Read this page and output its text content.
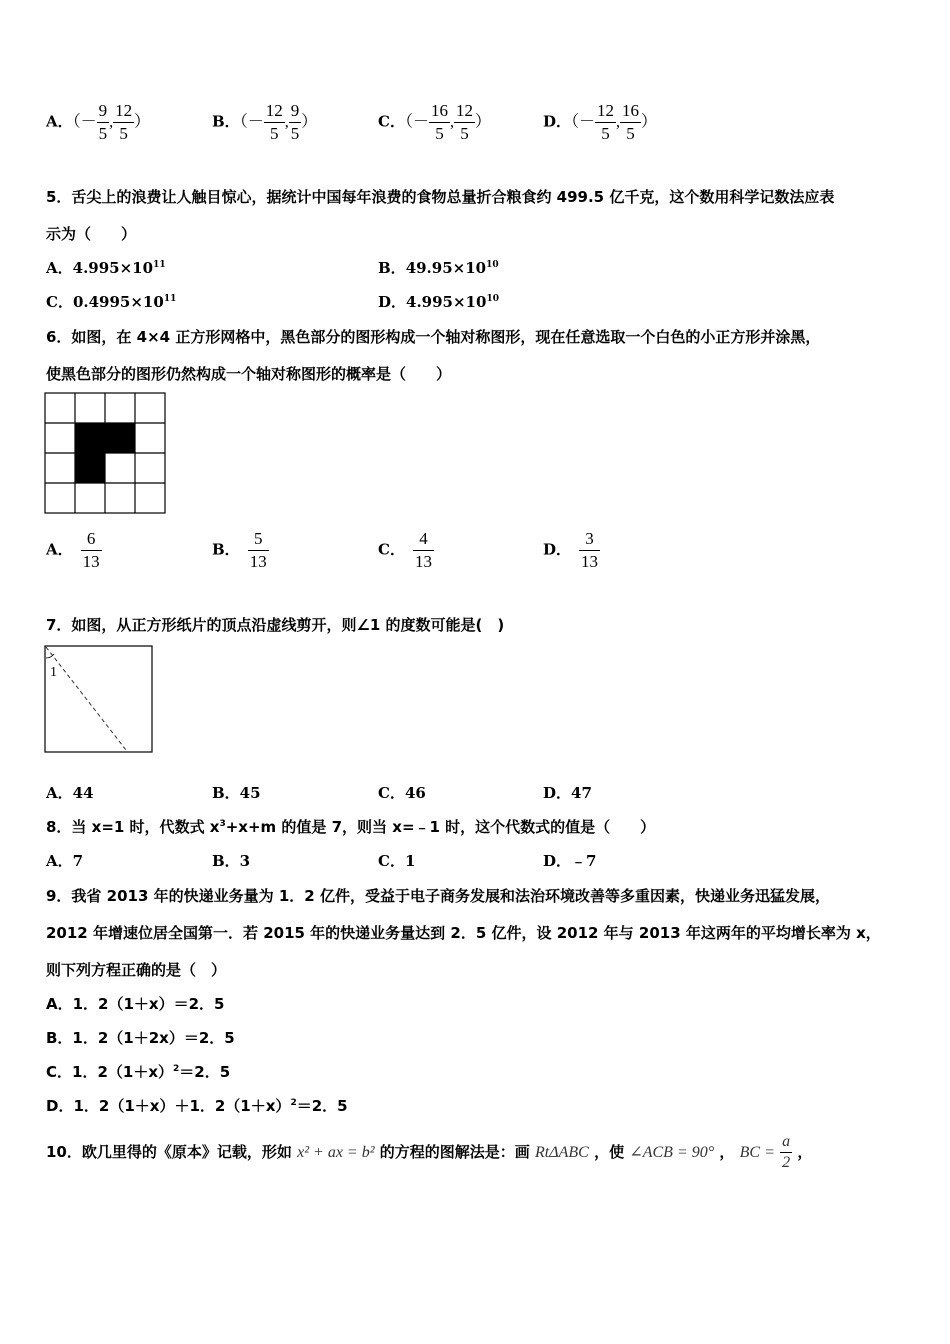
A．（－ $\frac{9}{5}$ , $\frac{12}{5}$ ）	B．（－ $\frac{12}{5}$ , $\frac{9}{5}$ ）	C．（－ $\frac{16}{5}$ , $\frac{12}{5}$ ）	D．（－ $\frac{12}{5}$ , $\frac{16}{5}$ ）
5．舌尖上的浪费让人触目惊心，据统计中国每年浪费的食物总量折合粮食约 499.5 亿千克，这个数用科学记数法应表
示为（　　）
A．$4.995\times 10^{11}$	B．$49.95\times 10^{10}$
C．$0.4995\times 10^{11}$	D．$4.995\times 10^{10}$
6．如图，在 4×4 正方形网格中，黑色部分的图形构成一个轴对称图形，现在任意选取一个白色的小正方形并涂黑，
使黑色部分的图形仍然构成一个轴对称图形的概率是（　　）
A． $\frac{6}{13}$	B． $\frac{5}{13}$	C． $\frac{4}{13}$	D． $\frac{3}{13}$
7．如图，从正方形纸片的顶点沿虚线剪开，则∠1 的度数可能是(　)
1
A．44	B．45	C．46	D．47
8．当 x=1 时，代数式 $x^3+x+m$ 的值是 7，则当 x=﹣1 时，这个代数式的值是（　　）
A．7	B．3	C．1	D．﹣7
9．我省 2013 年的快递业务量为 1．2 亿件，受益于电子商务发展和法治环境改善等多重因素，快递业务迅猛发展，
2012 年增速位居全国第一．若 2015 年的快递业务量达到 2．5 亿件，设 2012 年与 2013 年这两年的平均增长率为 x，
则下列方程正确的是（　）
A．1．2（1＋x）＝2．5
B．1．2（1＋2x）＝2．5
C．1．$2(1+x)^2=2$．5
D．1．2（1＋x）＋1．$2(1+x)^2=2$．5
10．欧几里得的《原本》记载，形如 x² + ax = b² 的方程的图解法是：画 RtΔABC ，使 ∠ACB = 90° ， BC = $\frac{a}{2}$ ，
